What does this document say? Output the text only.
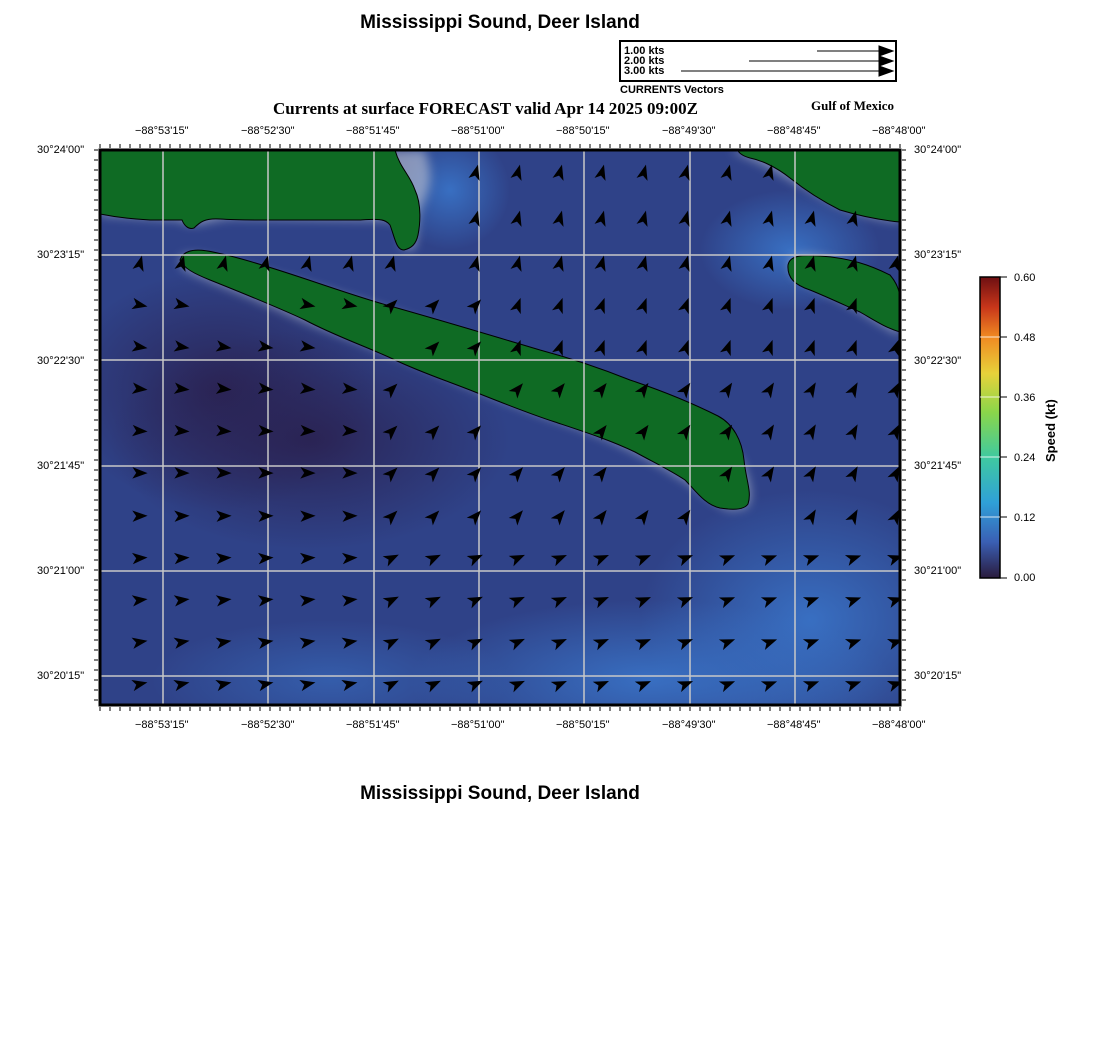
Mississippi Sound, Deer Island
1.00 kts
2.00 kts
3.00 kts
CURRENTS Vectors
Currents at surface FORECAST valid Apr 14 2025 09:00Z	Gulf of Mexico
−88°53'15"	−88°52'30"	−88°51'45"	−88°51'00"	−88°50'15"	−88°49'30"	−88°48'45"	−88°48'00"
−88°53'15"	−88°52'30"	−88°51'45"	−88°51'00"	−88°50'15"	−88°49'30"	−88°48'45"	−88°48'00"
30°24'00"
30°23'15"
30°22'30"
30°21'45"
30°21'00"
30°20'15"
30°24'00"
30°23'15"
30°22'30"
30°21'45"
30°21'00"
30°20'15"
0.60
0.48
0.36
0.24
0.12
0.00
Speed (kt)
Mississippi Sound, Deer Island
